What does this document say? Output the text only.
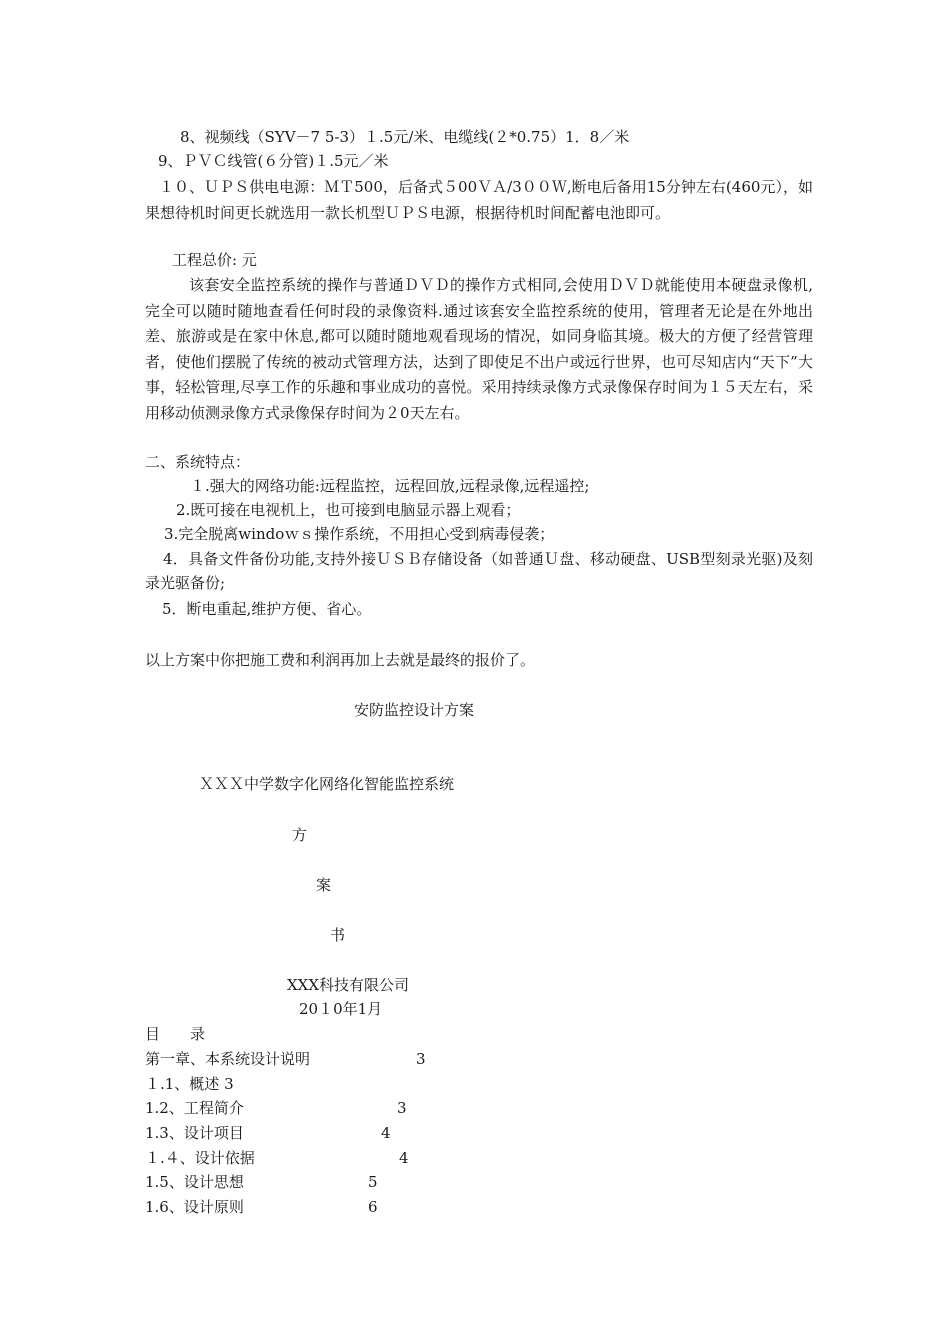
8、视频线（SYV－7 5-3）１.5元/米、电缆线(２*0.75）1．8／米
9、ＰＶＣ线管(６分管)１.5元／米
１０、ＵＰＳ供电电源：ＭＴ500，后备式５00ＶＡ/3００Ｗ,断电后备用15分钟左右(460元），如果想待机时间更长就选用一款长机型ＵＰＳ电源，根据待机时间配蓄电池即可。
工程总价: 元
该套安全监控系统的操作与普通ＤＶＤ的操作方式相同,会使用ＤＶＤ就能使用本硬盘录像机,完全可以随时随地查看任何时段的录像资料.通过该套安全监控系统的使用，管理者无论是在外地出差、旅游或是在家中休息,都可以随时随地观看现场的情况，如同身临其境。极大的方便了经营管理者，使他们摆脱了传统的被动式管理方法，达到了即使足不出户或远行世界，也可尽知店内“天下”大事，轻松管理,尽享工作的乐趣和事业成功的喜悦。采用持续录像方式录像保存时间为１５天左右，采用移动侦测录像方式录像保存时间为２0天左右。
二、系统特点：
１.强大的网络功能:远程监控，远程回放,远程录像,远程遥控;
2.既可接在电视机上，也可接到电脑显示器上观看；
3.完全脱离windoｗｓ操作系统，不用担心受到病毒侵袭；
4．具备文件备份功能,支持外接ＵＳＢ存储设备（如普通Ｕ盘、移动硬盘、USB型刻录光驱)及刻录光驱备份;
5．断电重起,维护方便、省心。
以上方案中你把施工费和利润再加上去就是最终的报价了。
安防监控设计方案
ＸＸＸ中学数字化网络化智能监控系统
方
案
书
XXX科技有限公司
20１0年1月
目　　录
第一章、本系统设计说明	3
１.1、概述 3
1.2、工程简介	3
1.3、设计项目	4
１.４、设计依据	4
1.5、设计思想	5
1.6、设计原则	6
